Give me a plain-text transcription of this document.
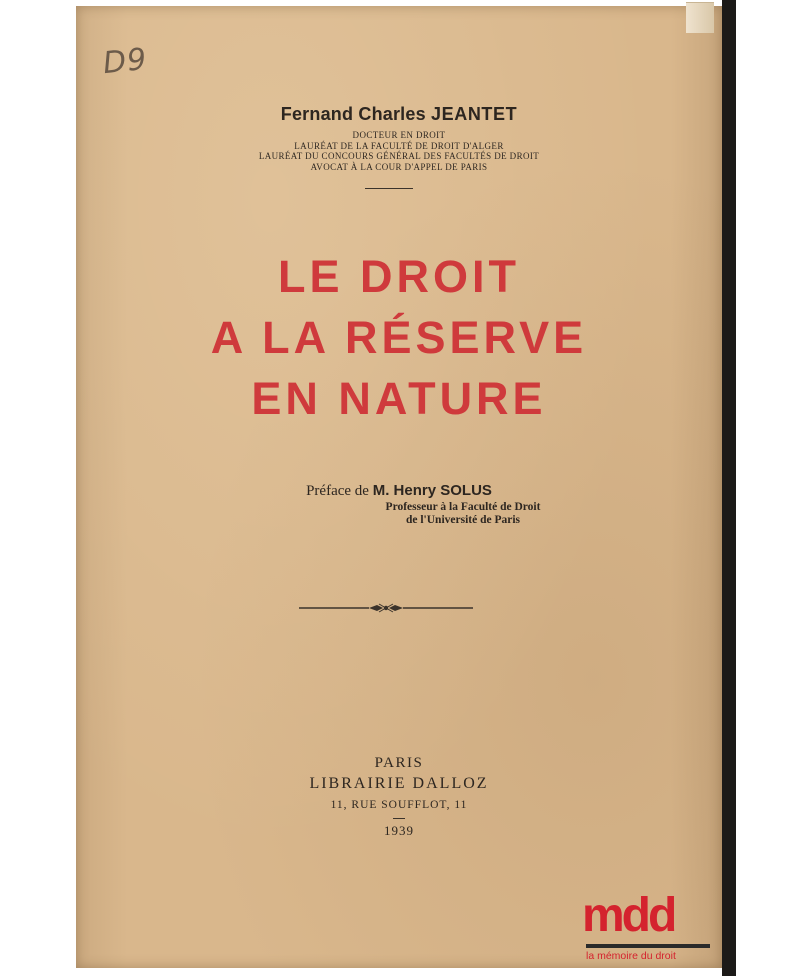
D9
Fernand Charles JEANTET
DOCTEUR EN DROIT
LAURÉAT DE LA FACULTÉ DE DROIT D'ALGER
LAURÉAT DU CONCOURS GÉNÉRAL DES FACULTÉS DE DROIT
AVOCAT À LA COUR D'APPEL DE PARIS
LE DROIT
A LA RÉSERVE
EN NATURE
Préface de M. Henry SOLUS
Professeur à la Faculté de Droit
de l'Université de Paris
PARIS
LIBRAIRIE DALLOZ
11, RUE SOUFFLOT, 11
1939
mdd
la mémoire du droit
